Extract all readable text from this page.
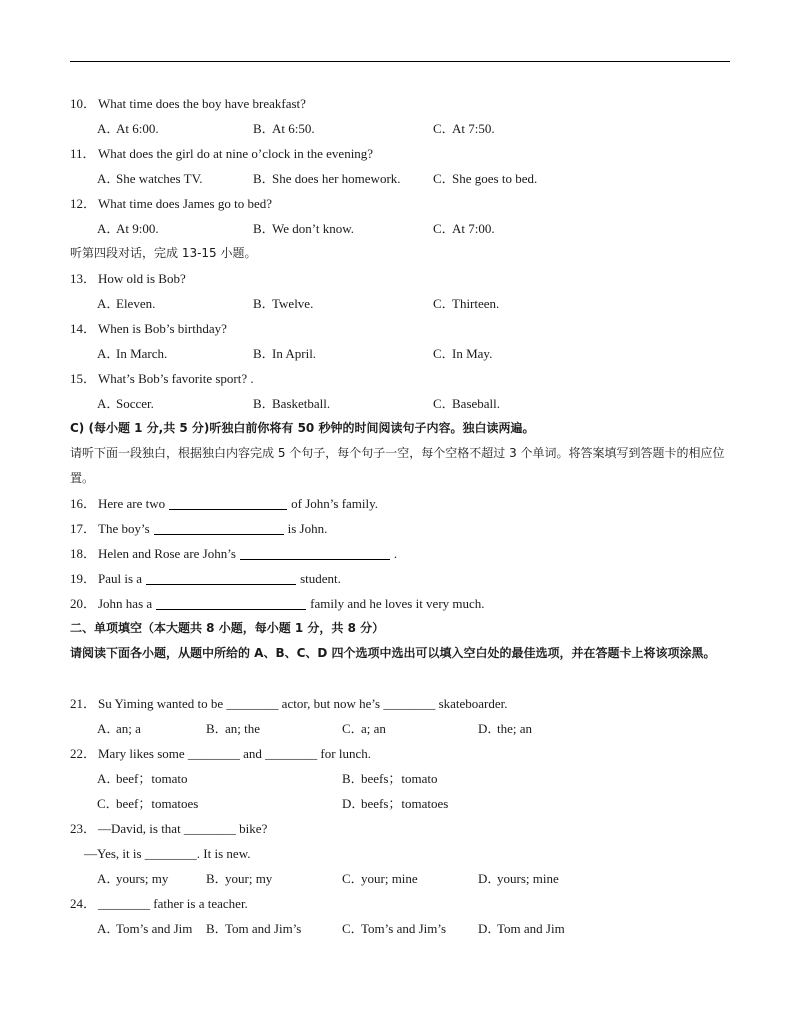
10． What time does the boy have breakfast?
A．At 6:00.	B．At 6:50.	C．At 7:50.
11． What does the girl do at nine o’clock in the evening?
A．She watches TV.	B．She does her homework. C．She goes to bed.
12． What time does James go to bed?
A．At 9:00.	B．We don’t know.	C．At 7:00.
听第四段对话，完成 13-15 小题。
13． How old is Bob?
A．Eleven.	B．Twelve.	C．Thirteen.
14． When is Bob’s birthday?
A．In March.	B．In April.	C．In May.
15． What’s Bob’s favorite sport? .
A．Soccer.	B．Basketball.	C．Baseball.
C) (每小题 1 分,共 5 分)听独白前你将有 50 秒钟的时间阅读句子内容。独白读两遍。
请听下面一段独白，根据独白内容完成 5 个句子，每个句子一空，每个空格不超过 3 个单词。将答案填写到答题卡的相应位置。
16． Here are two	of John’s family.
17． The boy’s	is John.
18． Helen and Rose are John’s	.
19． Paul is a	student.
20． John has a	family and he loves it very much.
二、单项填空（本大题共 8 小题，每小题 1 分，共 8 分）
请阅读下面各小题，从题中所给的 A、B、C、D 四个选项中选出可以填入空白处的最佳选项，并在答题卡上将该项涂黑。
21． Su Yiming wanted to be ________ actor, but now he’s ________ skateboarder.
A．an; a	B．an; the	C．a; an	D．the; an
22． Mary likes some ________ and ________ for lunch.
A．beef；tomato	B．beefs；tomato
C．beef；tomatoes	D．beefs；tomatoes
23． —David, is that ________ bike?
—Yes, it is ________. It is new.
A．yours; my	B．your; my	C．your; mine	D．yours; mine
24． ________ father is a teacher.
A．Tom’s and Jim B．Tom and Jim’s	C．Tom’s and Jim’s D．Tom and Jim
